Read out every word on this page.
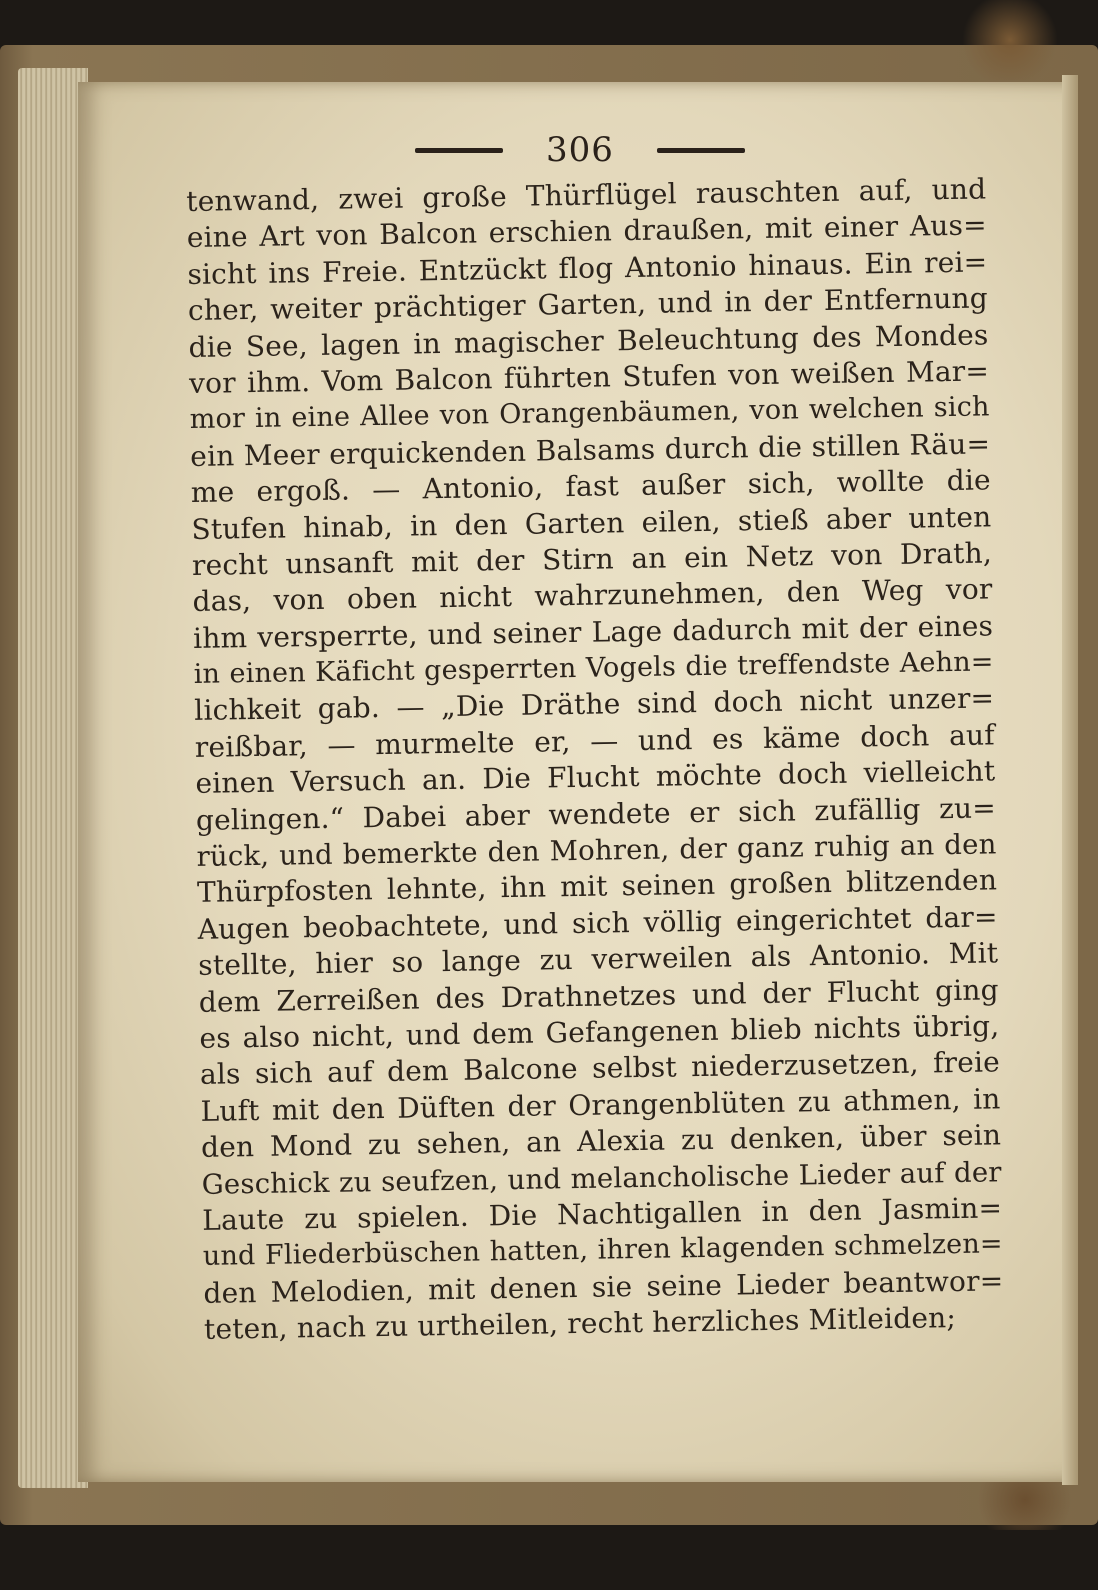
306
tenwand, zwei große Thürflügel rauschten auf, und
eine Art von Balcon erschien draußen, mit einer Aus=
sicht ins Freie. Entzückt flog Antonio hinaus. Ein rei=
cher, weiter prächtiger Garten, und in der Entfernung
die See, lagen in magischer Beleuchtung des Mondes
vor ihm. Vom Balcon führten Stufen von weißen Mar=
mor in eine Allee von Orangenbäumen, von welchen sich
ein Meer erquickenden Balsams durch die stillen Räu=
me ergoß. — Antonio, fast außer sich, wollte die
Stufen hinab, in den Garten eilen, stieß aber unten
recht unsanft mit der Stirn an ein Netz von Drath,
das, von oben nicht wahrzunehmen, den Weg vor
ihm versperrte, und seiner Lage dadurch mit der eines
in einen Käficht gesperrten Vogels die treffendste Aehn=
lichkeit gab. — „Die Dräthe sind doch nicht unzer=
reißbar, — murmelte er, — und es käme doch auf
einen Versuch an. Die Flucht möchte doch vielleicht
gelingen.“ Dabei aber wendete er sich zufällig zu=
rück, und bemerkte den Mohren, der ganz ruhig an den
Thürpfosten lehnte, ihn mit seinen großen blitzenden
Augen beobachtete, und sich völlig eingerichtet dar=
stellte, hier so lange zu verweilen als Antonio. Mit
dem Zerreißen des Drathnetzes und der Flucht ging
es also nicht, und dem Gefangenen blieb nichts übrig,
als sich auf dem Balcone selbst niederzusetzen, freie
Luft mit den Düften der Orangenblüten zu athmen, in
den Mond zu sehen, an Alexia zu denken, über sein
Geschick zu seufzen, und melancholische Lieder auf der
Laute zu spielen. Die Nachtigallen in den Jasmin=
und Fliederbüschen hatten, ihren klagenden schmelzen=
den Melodien, mit denen sie seine Lieder beantwor=
teten, nach zu urtheilen, recht herzliches Mitleiden;
